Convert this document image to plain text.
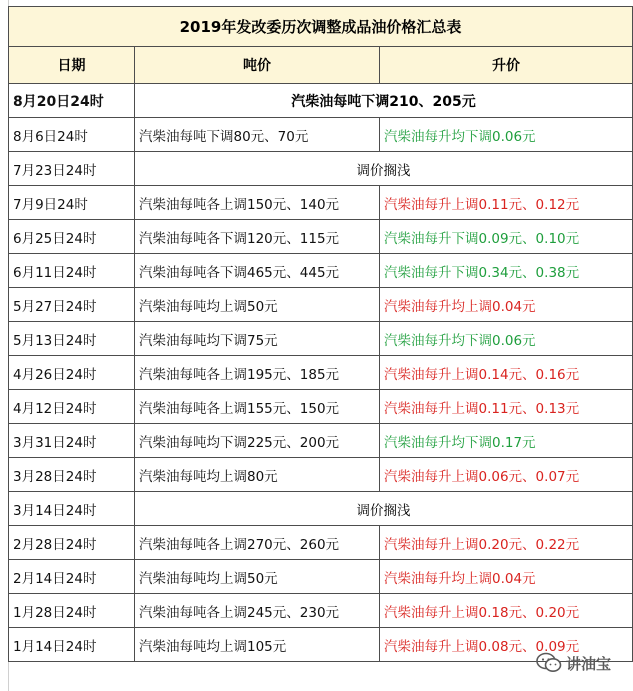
2019年发改委历次调整成品油价格汇总表		
日期	吨价	升价
8月20日24时	汽柴油每吨下调210、205元	
8月6日24时	汽柴油每吨下调80元、70元	汽柴油每升均下调0.06元
7月23日24时	调价搁浅	
7月9日24时	汽柴油每吨各上调150元、140元	汽柴油每升上调0.11元、0.12元
6月25日24时	汽柴油每吨各下调120元、115元	汽柴油每升下调0.09元、0.10元
6月11日24时	汽柴油每吨各下调465元、445元	汽柴油每升下调0.34元、0.38元
5月27日24时	汽柴油每吨均上调50元	汽柴油每升均上调0.04元
5月13日24时	汽柴油每吨均下调75元	汽柴油每升均下调0.06元
4月26日24时	汽柴油每吨各上调195元、185元	汽柴油每升上调0.14元、0.16元
4月12日24时	汽柴油每吨各上调155元、150元	汽柴油每升上调0.11元、0.13元
3月31日24时	汽柴油每吨均下调225元、200元	汽柴油每升均下调0.17元
3月28日24时	汽柴油每吨均上调80元	汽柴油每升上调0.06元、0.07元
3月14日24时	调价搁浅	
2月28日24时	汽柴油每吨各上调270元、260元	汽柴油每升上调0.20元、0.22元
2月14日24时	汽柴油每吨均上调50元	汽柴油每升均上调0.04元
1月28日24时	汽柴油每吨各上调245元、230元	汽柴油每升上调0.18元、0.20元
1月14日24时	汽柴油每吨均上调105元	汽柴油每升上调0.08元、0.09元
讲油宝
